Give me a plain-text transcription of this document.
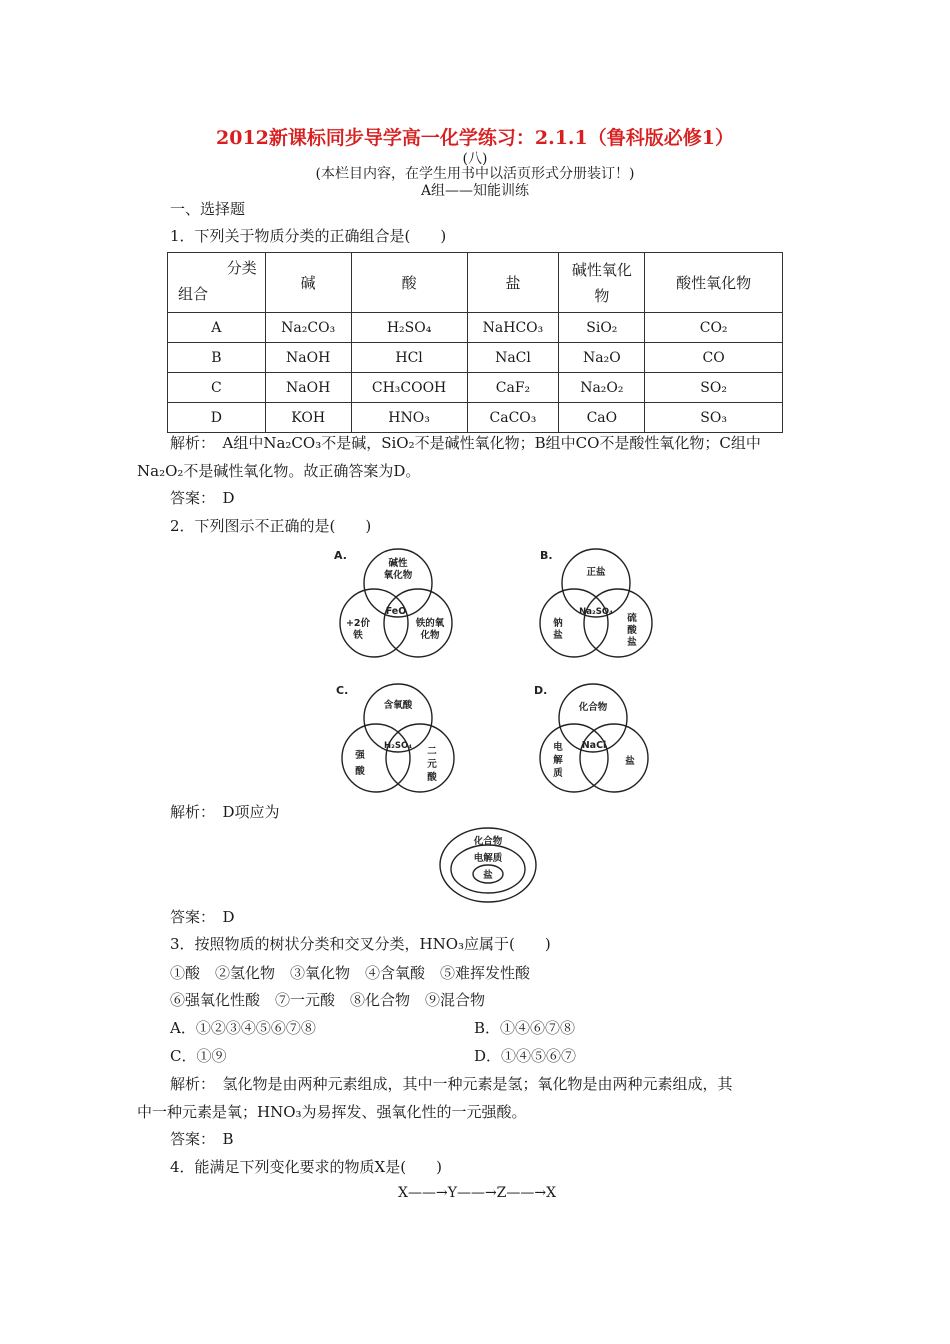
2012新课标同步导学高一化学练习：2.1.1（鲁科版必修1）
(八)
(本栏目内容，在学生用书中以活页形式分册装订！)
A组——知能训练
一、选择题
1．下列关于物质分类的正确组合是(　　)
分类
组合	碱	酸	盐	碱性氧化物	酸性氧化物
A	Na₂CO₃	H₂SO₄	NaHCO₃	SiO₂	CO₂
B	NaOH	HCl	NaCl	Na₂O	CO
C	NaOH	CH₃COOH	CaF₂	Na₂O₂	SO₂
D	KOH	HNO₃	CaCO₃	CaO	SO₃
解析：　A组中Na₂CO₃不是碱，SiO₂不是碱性氧化物；B组中CO不是酸性氧化物；C组中
Na₂O₂不是碱性氧化物。故正确答案为D。
答案：　D
2．下列图示不正确的是(　　)
A.
碱性
氧化物
FeO
+2价
铁
铁的氧
化物
B.
正盐
Na₂SO₄
钠
盐
硫
酸
盐
C.
含氧酸
H₂SO₄
强
酸
二
元
酸
D.
化合物
NaCl
电
解
质
盐
解析：　D项应为
化合物
电解质
盐
答案：　D
3．按照物质的树状分类和交叉分类，HNO₃应属于(　　)
①酸　②氢化物　③氧化物　④含氧酸　⑤难挥发性酸
⑥强氧化性酸　⑦一元酸　⑧化合物　⑨混合物
A．①②③④⑤⑥⑦⑧	B．①④⑥⑦⑧
C．①⑨	D．①④⑤⑥⑦
解析：　氢化物是由两种元素组成，其中一种元素是氢；氧化物是由两种元素组成，其
中一种元素是氧；HNO₃为易挥发、强氧化性的一元强酸。
答案：　B
4．能满足下列变化要求的物质X是(　　)
X——→Y——→Z——→X
